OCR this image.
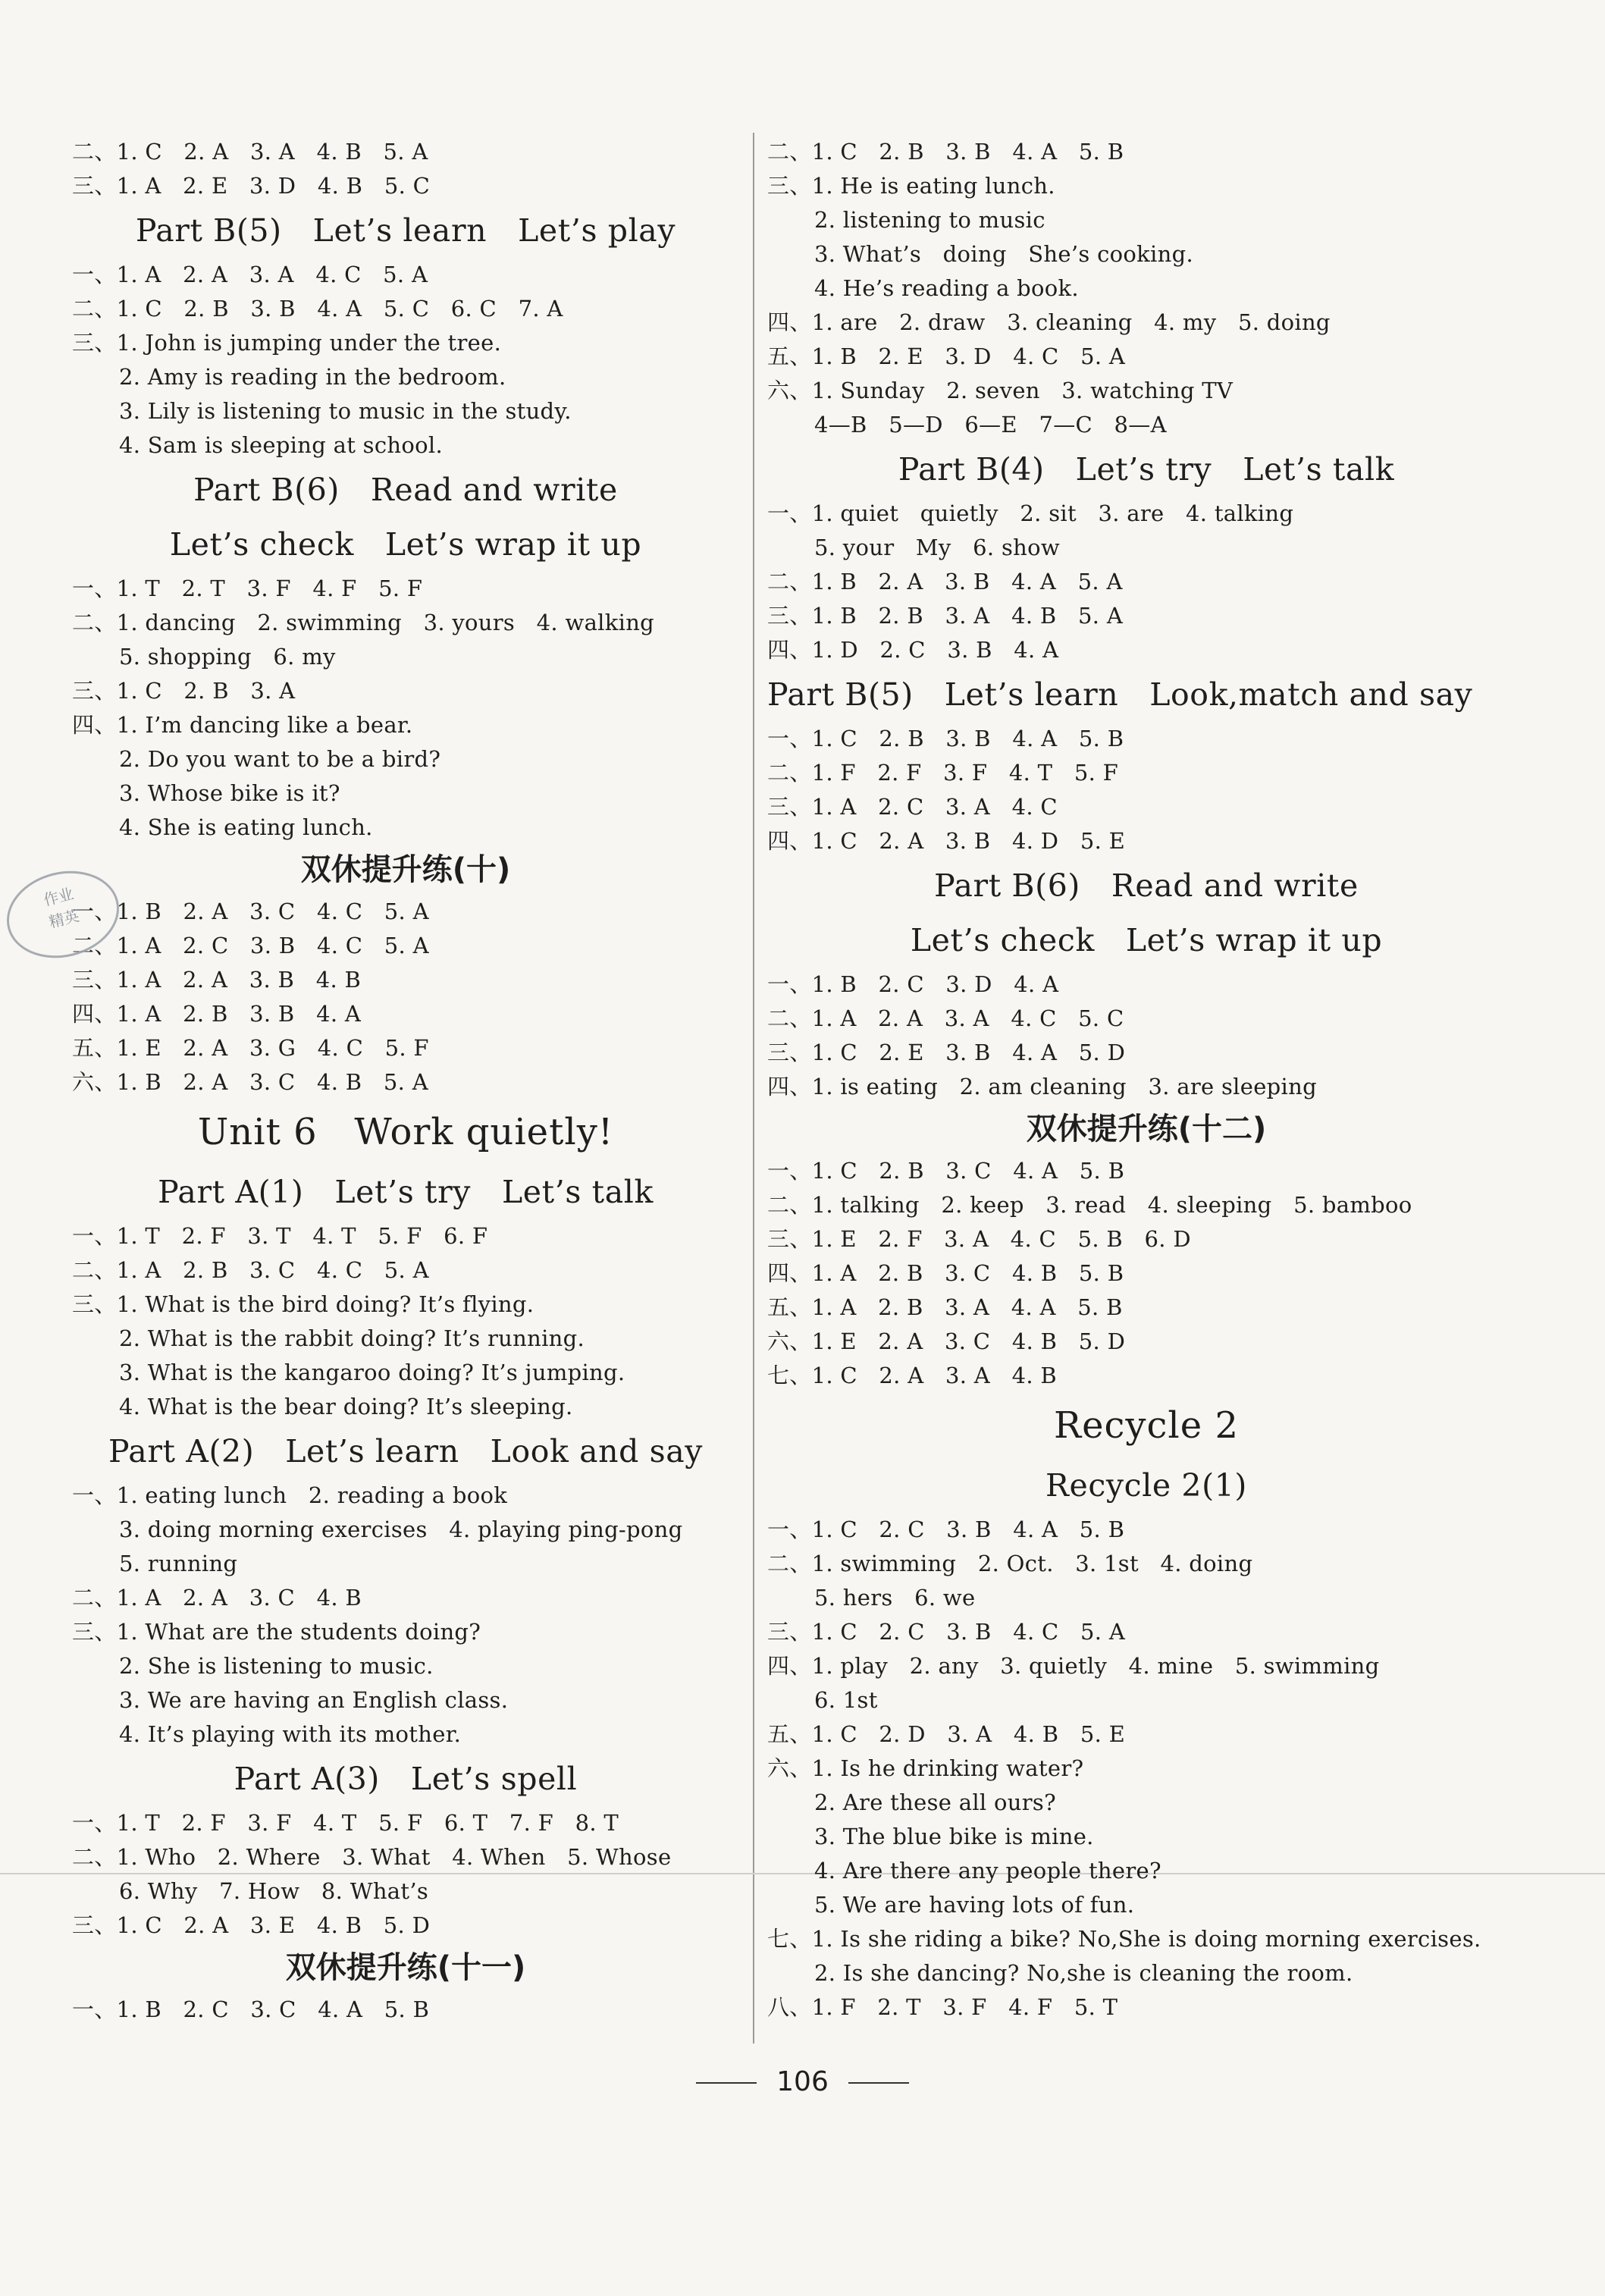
二、1. C   2. A   3. A   4. B   5. A
三、1. A   2. E   3. D   4. B   5. C
Part B(5)   Let’s learn   Let’s play
一、1. A   2. A   3. A   4. C   5. A
二、1. C   2. B   3. B   4. A   5. C   6. C   7. A
三、1. John is jumping under the tree.
2. Amy is reading in the bedroom.
3. Lily is listening to music in the study.
4. Sam is sleeping at school.
Part B(6)   Read and write
Let’s check   Let’s wrap it up
一、1. T   2. T   3. F   4. F   5. F
二、1. dancing   2. swimming   3. yours   4. walking
5. shopping   6. my
三、1. C   2. B   3. A
四、1. I’m dancing like a bear.
2. Do you want to be a bird?
3. Whose bike is it?
4. She is eating lunch.
双休提升练(十)
一、1. B   2. A   3. C   4. C   5. A
二、1. A   2. C   3. B   4. C   5. A
三、1. A   2. A   3. B   4. B
四、1. A   2. B   3. B   4. A
五、1. E   2. A   3. G   4. C   5. F
六、1. B   2. A   3. C   4. B   5. A
Unit 6   Work quietly!
Part A(1)   Let’s try   Let’s talk
一、1. T   2. F   3. T   4. T   5. F   6. F
二、1. A   2. B   3. C   4. C   5. A
三、1. What is the bird doing? It’s flying.
2. What is the rabbit doing? It’s running.
3. What is the kangaroo doing? It’s jumping.
4. What is the bear doing? It’s sleeping.
Part A(2)   Let’s learn   Look and say
一、1. eating lunch   2. reading a book
3. doing morning exercises   4. playing ping-pong
5. running
二、1. A   2. A   3. C   4. B
三、1. What are the students doing?
2. She is listening to music.
3. We are having an English class.
4. It’s playing with its mother.
Part A(3)   Let’s spell
一、1. T   2. F   3. F   4. T   5. F   6. T   7. F   8. T
二、1. Who   2. Where   3. What   4. When   5. Whose
6. Why   7. How   8. What’s
三、1. C   2. A   3. E   4. B   5. D
双休提升练(十一)
一、1. B   2. C   3. C   4. A   5. B
二、1. C   2. B   3. B   4. A   5. B
三、1. He is eating lunch.
2. listening to music
3. What’s   doing   She’s cooking.
4. He’s reading a book.
四、1. are   2. draw   3. cleaning   4. my   5. doing
五、1. B   2. E   3. D   4. C   5. A
六、1. Sunday   2. seven   3. watching TV
4—B   5—D   6—E   7—C   8—A
Part B(4)   Let’s try   Let’s talk
一、1. quiet   quietly   2. sit   3. are   4. talking
5. your   My   6. show
二、1. B   2. A   3. B   4. A   5. A
三、1. B   2. B   3. A   4. B   5. A
四、1. D   2. C   3. B   4. A
Part B(5)   Let’s learn   Look,match and say
一、1. C   2. B   3. B   4. A   5. B
二、1. F   2. F   3. F   4. T   5. F
三、1. A   2. C   3. A   4. C
四、1. C   2. A   3. B   4. D   5. E
Part B(6)   Read and write
Let’s check   Let’s wrap it up
一、1. B   2. C   3. D   4. A
二、1. A   2. A   3. A   4. C   5. C
三、1. C   2. E   3. B   4. A   5. D
四、1. is eating   2. am cleaning   3. are sleeping
双休提升练(十二)
一、1. C   2. B   3. C   4. A   5. B
二、1. talking   2. keep   3. read   4. sleeping   5. bamboo
三、1. E   2. F   3. A   4. C   5. B   6. D
四、1. A   2. B   3. C   4. B   5. B
五、1. A   2. B   3. A   4. A   5. B
六、1. E   2. A   3. C   4. B   5. D
七、1. C   2. A   3. A   4. B
Recycle 2
Recycle 2(1)
一、1. C   2. C   3. B   4. A   5. B
二、1. swimming   2. Oct.   3. 1st   4. doing
5. hers   6. we
三、1. C   2. C   3. B   4. C   5. A
四、1. play   2. any   3. quietly   4. mine   5. swimming
6. 1st
五、1. C   2. D   3. A   4. B   5. E
六、1. Is he drinking water?
2. Are these all ours?
3. The blue bike is mine.
4. Are there any people there?
5. We are having lots of fun.
七、1. Is she riding a bike? No,She is doing morning exercises.
2. Is she dancing? No,she is cleaning the room.
八、1. F   2. T   3. F   4. F   5. T
作业
精英
106
